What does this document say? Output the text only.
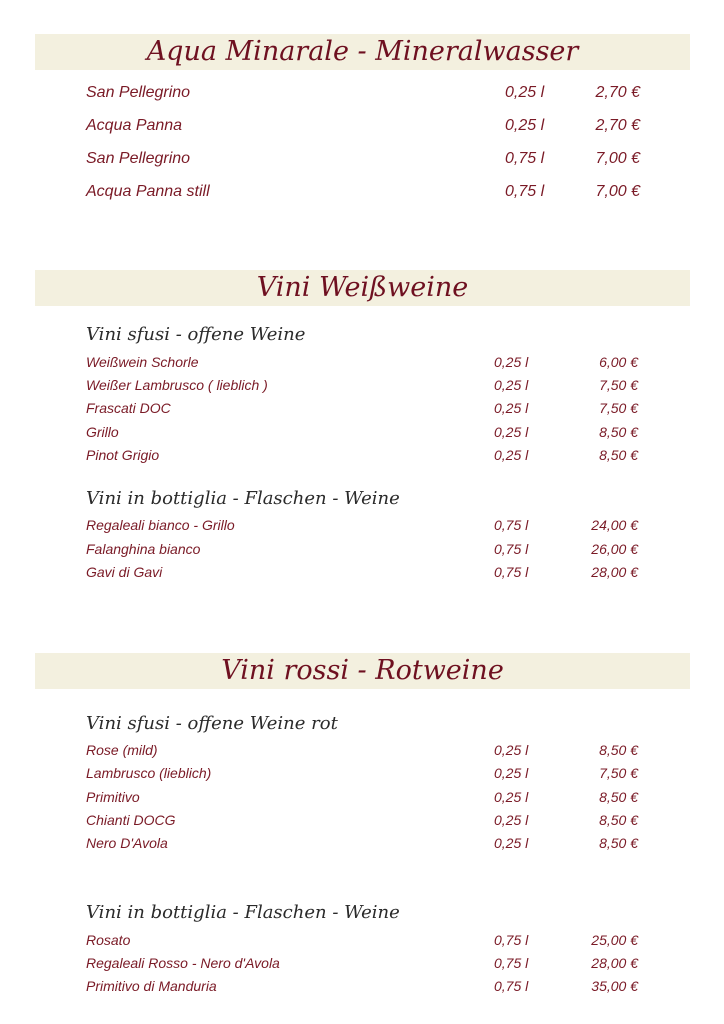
Aqua Minarale - Mineralwasser
San Pellegrino	0,25 l	2,70 €
Acqua Panna	0,25 l	2,70 €
San Pellegrino	0,75 l	7,00 €
Acqua Panna still	0,75 l	7,00 €
Vini Weißweine
Vini sfusi - offene Weine
Weißwein Schorle	0,25 l	6,00 €
Weißer Lambrusco ( lieblich )	0,25 l	7,50 €
Frascati DOC	0,25 l	7,50 €
Grillo	0,25 l	8,50 €
Pinot Grigio	0,25 l	8,50 €
Vini in bottiglia - Flaschen - Weine
Regaleali bianco - Grillo	0,75 l	24,00 €
Falanghina bianco	0,75 l	26,00 €
Gavi di Gavi	0,75 l	28,00 €
Vini rossi - Rotweine
Vini sfusi - offene Weine rot
Rose (mild)	0,25 l	8,50 €
Lambrusco (lieblich)	0,25 l	7,50 €
Primitivo	0,25 l	8,50 €
Chianti DOCG	0,25 l	8,50 €
Nero D'Avola	0,25 l	8,50 €
Vini in bottiglia - Flaschen - Weine
Rosato	0,75 l	25,00 €
Regaleali Rosso - Nero d'Avola	0,75 l	28,00 €
Primitivo di Manduria	0,75 l	35,00 €
